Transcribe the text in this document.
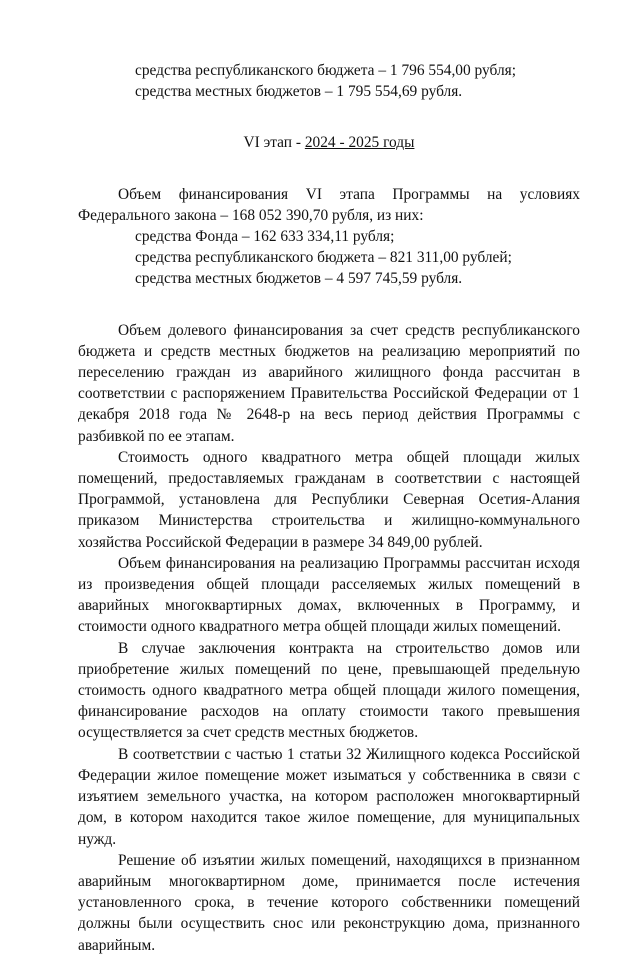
средства республиканского бюджета – 1 796 554,00 рубля;

средства местных бюджетов – 1 795 554,69 рубля.

VI этап - 2024 - 2025 годы

Объем финансирования VI этапа Программы на условиях

Федерального закона – 168 052 390,70 рубля, из них:

средства Фонда – 162 633 334,11 рубля;

средства республиканского бюджета – 821 311,00 рублей;

средства местных бюджетов – 4 597 745,59 рубля.

Объем долевого финансирования за счет средств республиканского бюджета и средств местных бюджетов на реализацию мероприятий по переселению граждан из аварийного жилищного фонда рассчитан в соответствии с распоряжением Правительства Российской Федерации от 1 декабря 2018 года № 2648-р на весь период действия Программы с разбивкой по ее этапам.

Стоимость одного квадратного метра общей площади жилых помещений, предоставляемых гражданам в соответствии с настоящей Программой, установлена для Республики Северная Осетия-Алания приказом Министерства строительства и жилищно-коммунального хозяйства Российской Федерации в размере 34 849,00 рублей.

Объем финансирования на реализацию Программы рассчитан исходя из произведения общей площади расселяемых жилых помещений в аварийных многоквартирных домах, включенных в Программу, и стоимости одного квадратного метра общей площади жилых помещений.

В случае заключения контракта на строительство домов или приобретение жилых помещений по цене, превышающей предельную стоимость одного квадратного метра общей площади жилого помещения, финансирование расходов на оплату стоимости такого превышения осуществляется за счет средств местных бюджетов.

В соответствии с частью 1 статьи 32 Жилищного кодекса Российской Федерации жилое помещение может изыматься у собственника в связи с изъятием земельного участка, на котором расположен многоквартирный дом, в котором находится такое жилое помещение, для муниципальных нужд.

Решение об изъятии жилых помещений, находящихся в признанном аварийным многоквартирном доме, принимается после истечения установленного срока, в течение которого собственники помещений должны были осуществить снос или реконструкцию дома, признанного аварийным.
